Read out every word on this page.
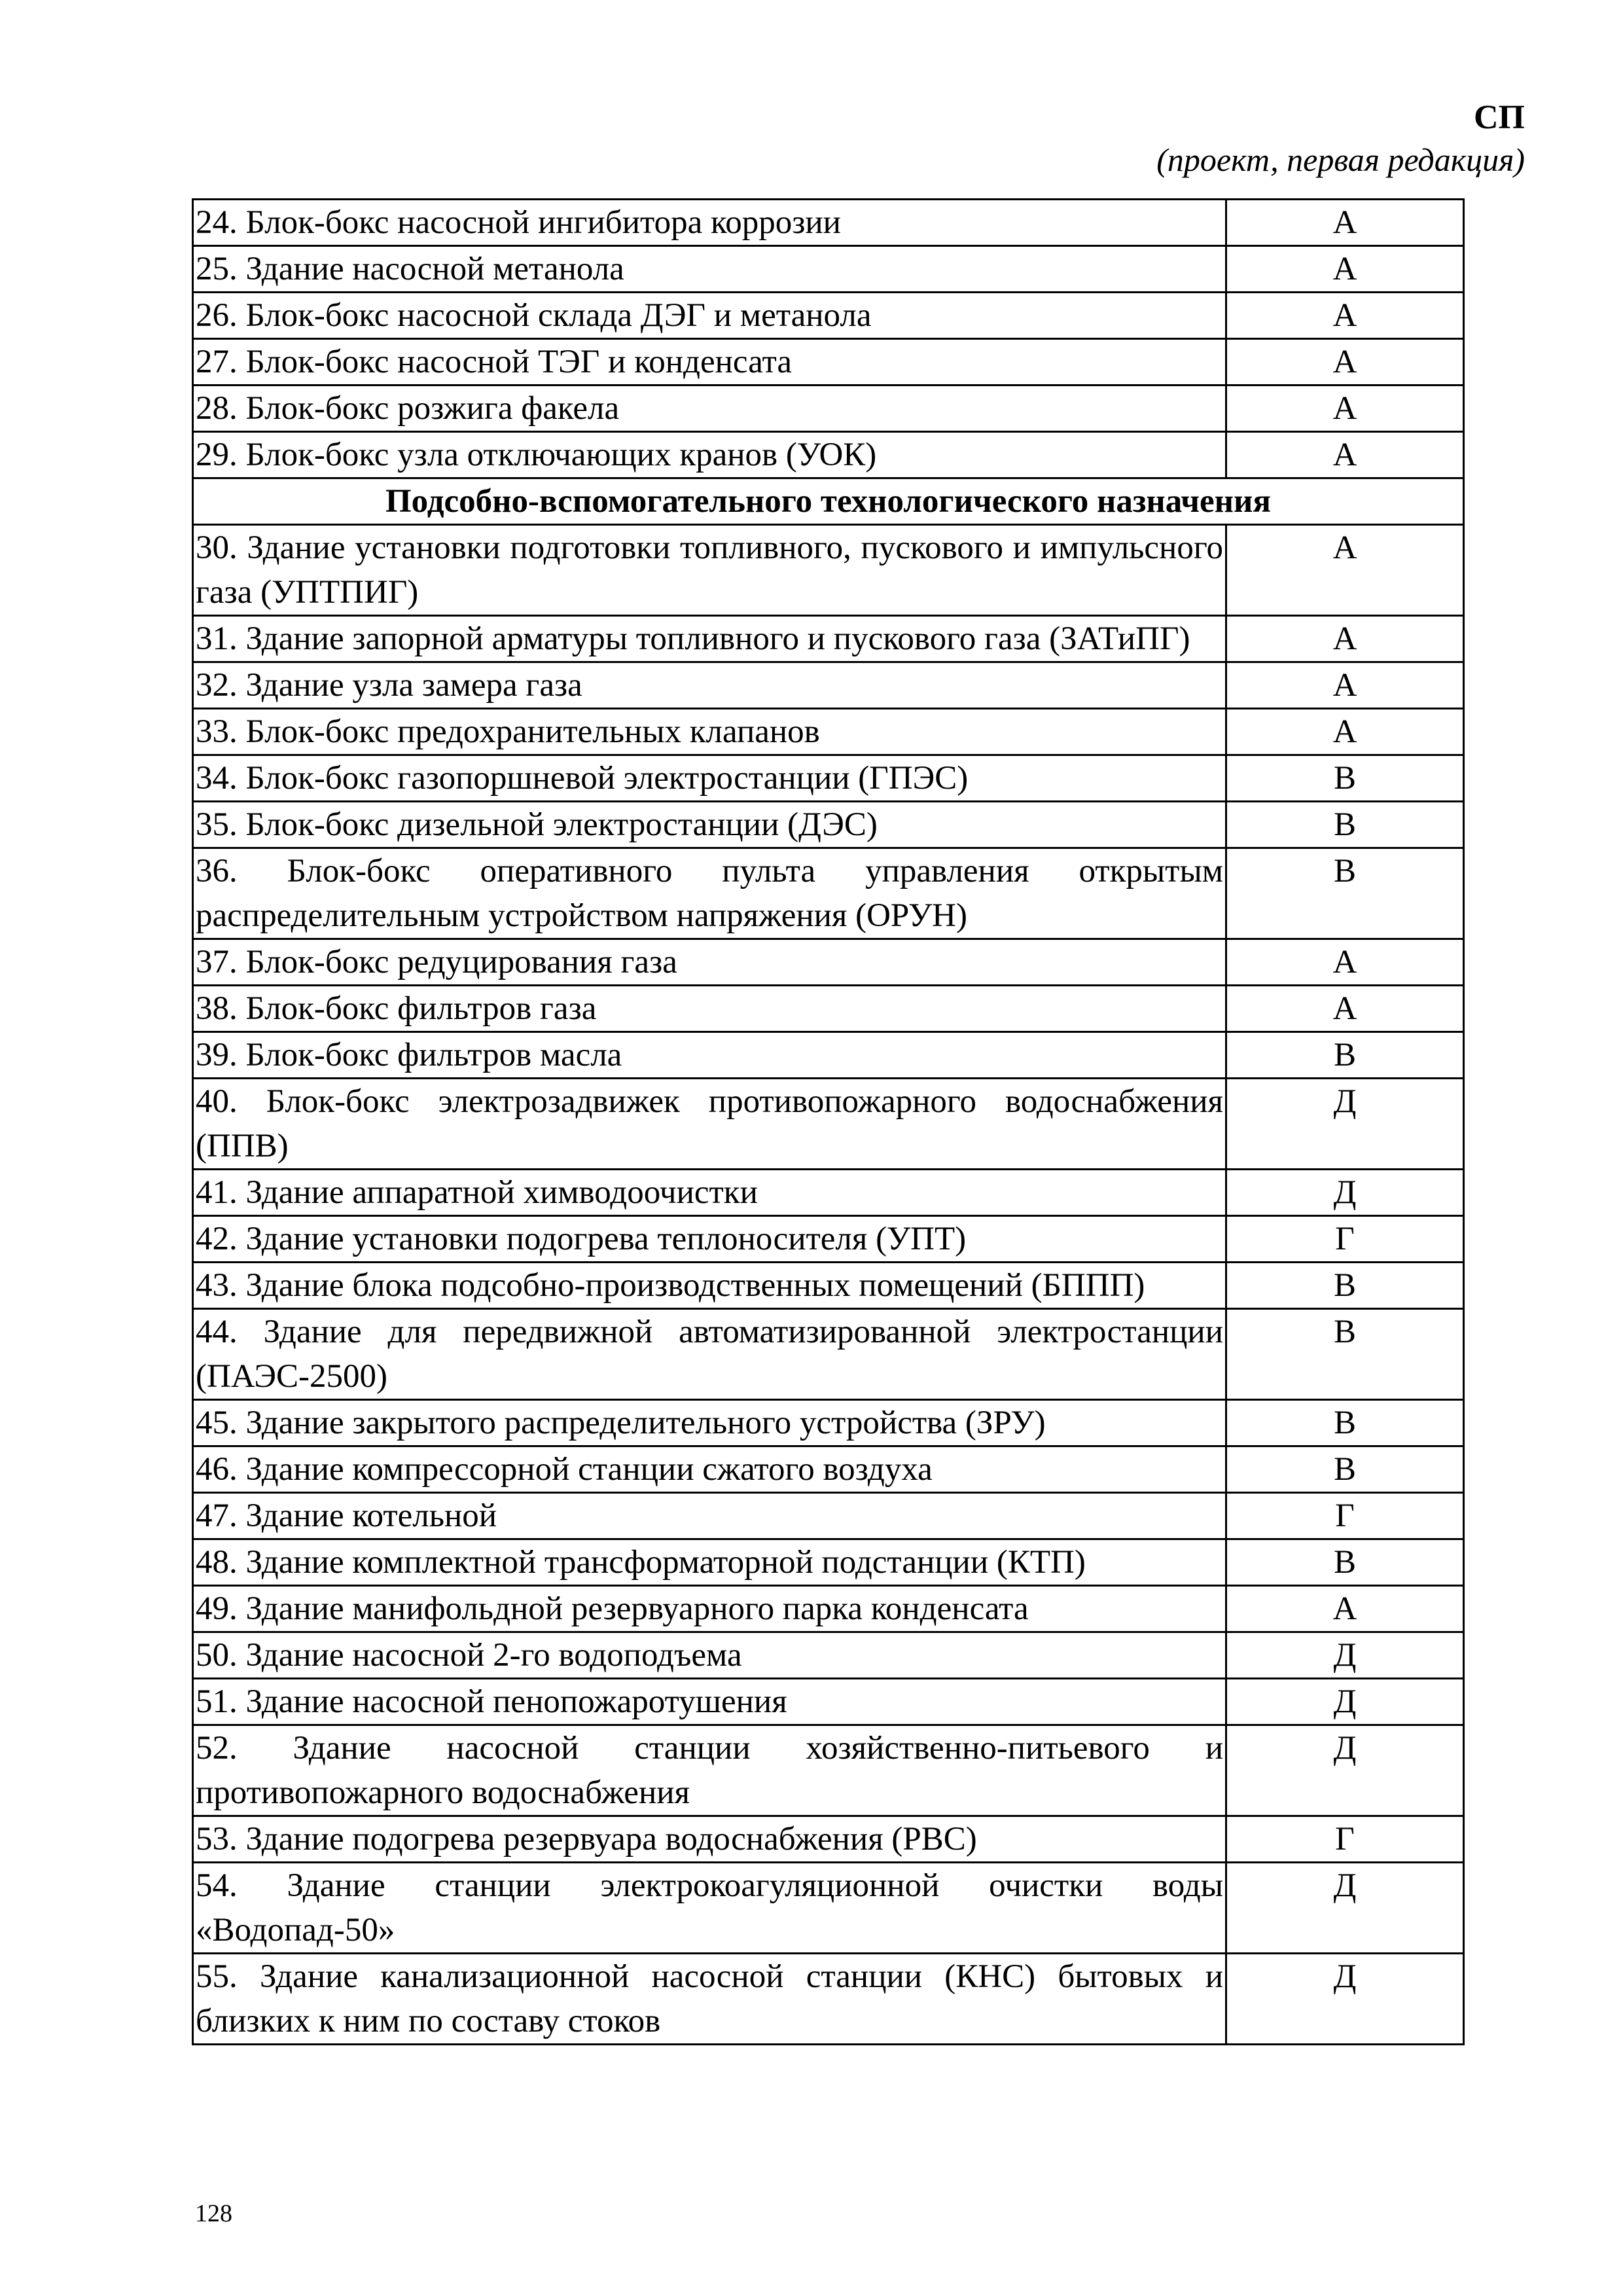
СП
(проект, первая редакция)
24. Блок-бокс насосной ингибитора коррозии	А
25. Здание насосной метанола	А
26. Блок-бокс насосной склада ДЭГ и метанола	А
27. Блок-бокс насосной ТЭГ и конденсата	А
28. Блок-бокс розжига факела	А
29. Блок-бокс узла отключающих кранов (УОК)	А
Подсобно-вспомогательного технологического назначения	
30. Здание установки подготовки топливного, пускового и импульсного газа (УПТПИГ)	А
31. Здание запорной арматуры топливного и пускового газа (ЗАТиПГ)	А
32. Здание узла замера газа	А
33. Блок-бокс предохранительных клапанов	А
34. Блок-бокс газопоршневой электростанции (ГПЭС)	В
35. Блок-бокс дизельной электростанции (ДЭС)	В
36. Блок-бокс оперативного пульта управления открытым распределительным устройством напряжения (ОРУН)	В
37. Блок-бокс редуцирования газа	А
38. Блок-бокс фильтров газа	А
39. Блок-бокс фильтров масла	В
40. Блок-бокс электрозадвижек противопожарного водоснабжения (ППВ)	Д
41. Здание аппаратной химводоочистки	Д
42. Здание установки подогрева теплоносителя (УПТ)	Г
43. Здание блока подсобно-производственных помещений (БППП)	В
44. Здание для передвижной автоматизированной электростанции (ПАЭС-2500)	В
45. Здание закрытого распределительного устройства (ЗРУ)	В
46. Здание компрессорной станции сжатого воздуха	В
47. Здание котельной	Г
48. Здание комплектной трансформаторной подстанции (КТП)	В
49. Здание манифольдной резервуарного парка конденсата	А
50. Здание насосной 2-го водоподъема	Д
51. Здание насосной пенопожаротушения	Д
52. Здание насосной станции хозяйственно-питьевого и противопожарного водоснабжения	Д
53. Здание подогрева резервуара водоснабжения (РВС)	Г
54. Здание станции электрокоагуляционной очистки воды «Водопад-50»	Д
55. Здание канализационной насосной станции (КНС) бытовых и близких к ним по составу стоков	Д
128
